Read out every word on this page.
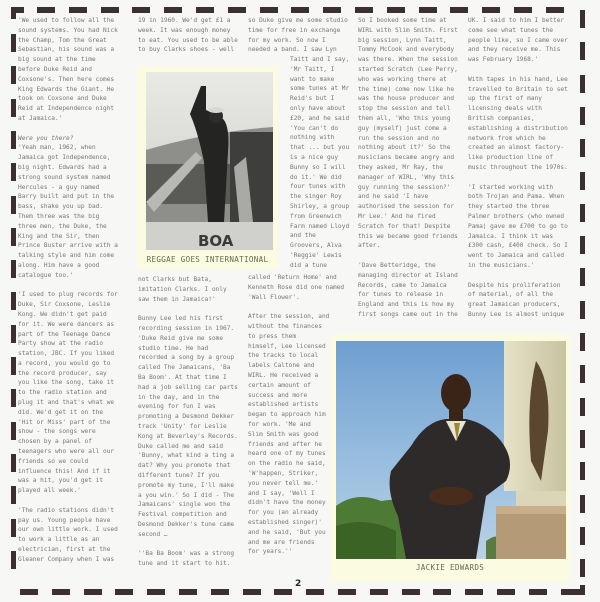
'We used to follow all the
sound systems. You had Nick
the Champ, Tom the Great
Sebastian, his sound was a
big sound at the time
before Duke Reid and
Coxsone's. Then here comes
King Edwards the Giant. He
took on Coxsone and Duke
Reid at Independence night
at Jamaica.'

Were you there?

'Yeah man, 1962, when
Jamaica got Independence,
big night. Edwards had a
strong sound system named
Hercules - a guy named
Barry built and put in the
bass, shake you up bad.
Them three was the big
three men, the Duke, the
King and the Sir, then
Prince Buster arrive with a
talking style and him come
along. Him have a good
catalogue too.'

'I used to plug records for
Duke, Sir Coxsone, Leslie
Kong. We didn't get paid
for it. We were dancers as
part of the Teenage Dance
Party show at the radio
station, JBC. If you liked
a record, you would go to
the record producer, say
you like the song, take it
to the radio station and
plug it and that's what we
did. We'd get it on the
'Hit or Miss' part of the
show - the songs were
chosen by a panel of
teenagers who were all our
friends so we could
influence this! And if it
was a hit, you'd get it
played all week.'

'The radio stations didn't
pay us. Young people have
our own little work. I used
to work a little as an
electrician, first at the
Gleaner Company when I was

19 in 1960. We'd get £1 a
week. It was enough money
to eat. You used to be able
to buy Clarks shoes - well

not Clarks but Bata,
imitation Clarks. I only
saw them in Jamaica!'

Bunny Lee led his first
recording session in 1967.
'Duke Reid give me some
studio time. He had
recorded a song by a group
called The Jamaicans, 'Ba
Ba Boom'. At that time I
had a job selling car parts
in the day, and in the
evening for fun I was
promoting a Desmond Dekker
track 'Unity' for Leslie
Kong at Beverley's Records.
Duke called me and said
'Bunny, what kind a ting a
dat? Why you promote that
different tune? If you
promote my tune, I'll make
a you win.' So I did - The
Jamaicans' single won the
Festival competition and
Desmond Dekker's tune came
second …

''Ba Ba Boom' was a strong
tune and it start to hit.

BOA
REGGAE GOES INTERNATIONAL

so Duke give me some studio
time for free in exchange
for my work. So now I
needed a band. I saw Lyn

Taitt and I say,
'Mr Taitt, I
want to make
some tunes at Mr
Reid's but I
only have about
£20, and he said
'You can't do
nothing with
that ... but you
is a nice guy
Bunny so I will
do it.' We did
four tunes with
the singer Roy
Shirley, a group
from Greenwich
Farm named Lloyd
and the
Groovers, Alva
'Reggie' Lewis
did a tune

called 'Return Home' and
Kenneth Rose did one named
'Wall Flower'.

After the session, and
without the finances
to press them
himself, Lee licensed
the tracks to local
labels Caltone and
WIRL. He received a
certain amount of
success and more
established artists
began to approach him
for work. 'Me and
Slim Smith was good
friends and after he
heard one of my tunes
on the radio he said,
'W'happen, Striker,
you never tell me.'
and I say, 'Well I
didn't have the money
for you (an already
established singer)'
and he said, 'But you
and me are friends
for years.''

So I booked some time at
WIRL with Slim Smith. First
big session, Lynn Taitt,
Tommy McCook and everybody
was there. When the session
started Scratch (Lee Perry,
who was working there at
the time) come now like he
was the house producer and
stop the session and tell
them all, 'Who this young
guy (myself) just come a
run the session and no
nothing about it?' So the
musicians became angry and
they asked, Mr Ray, the
manager of WIRL, 'Why this
guy running the session?'
and he said 'I have
authorised the session for
Mr Lee.' And he fired
Scratch for that! Despite
this we became good friends
after.

'Dave Betteridge, the
managing director at Island
Records, came to Jamaica
for tunes to release in
England and this is how my
first songs came out in the

UK. I said to him I better
come see what tunes the
people like, so I came over
and they receive me. This
was February 1968.'

With tapes in his hand, Lee
travelled to Britain to set
up the first of many
licensing deals with
British companies,
establishing a distribution
network from which he
created an almost factory-
like production line of
music throughout the 1970s.

'I started working with
both Trojan and Pama. When
they started the three
Palmer brothers (who owned
Pama) gave me £700 to go to
Jamaica. I think it was
£300 cash, £400 check. So I
went to Jamaica and called
in the musicians.'

Despite his proliferation
of material, of all the
great Jamaican producers,
Bunny Lee is almost unique

JACKIE EDWARDS
2
